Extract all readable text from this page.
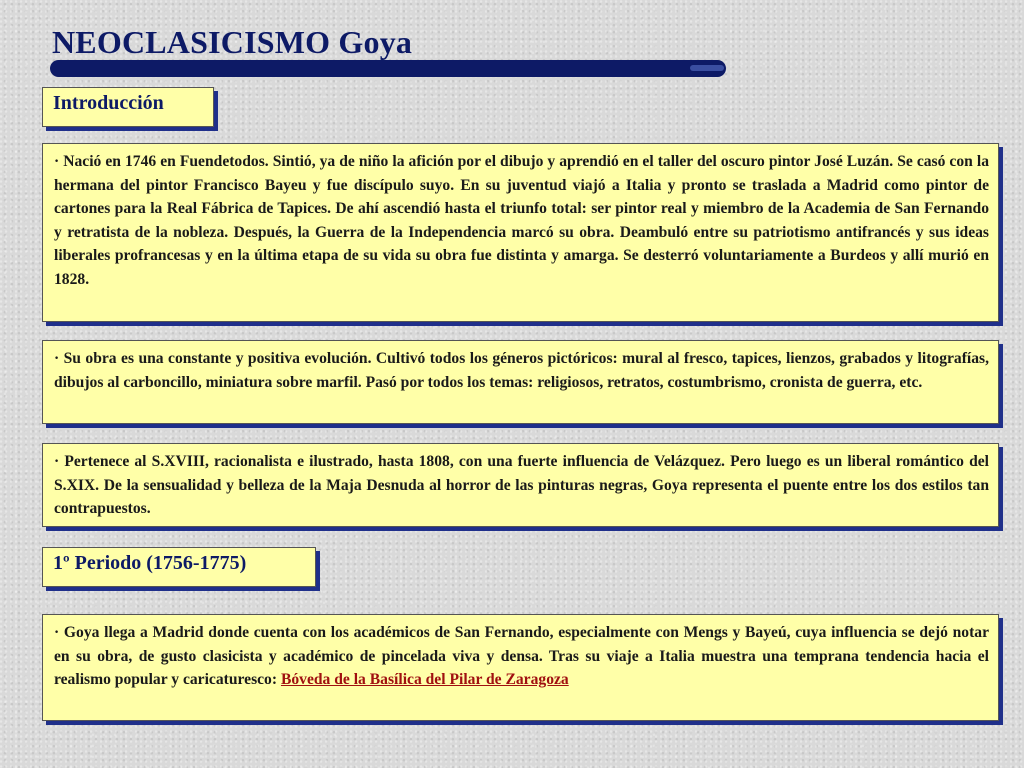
NEOCLASICISMO Goya
Introducción
· Nació en 1746 en Fuendetodos. Sintió, ya de niño la afición por el dibujo y aprendió en el taller del oscuro pintor José Luzán. Se casó con la hermana del pintor Francisco Bayeu y fue discípulo suyo. En su juventud viajó a Italia y pronto se traslada a Madrid como pintor de cartones para la Real Fábrica de Tapices. De ahí ascendió hasta el triunfo total: ser pintor real y miembro de la Academia de San Fernando y retratista de la nobleza. Después, la Guerra de la Independencia marcó su obra. Deambuló entre su patriotismo antifrancés y sus ideas liberales profrancesas y en la última etapa de su vida su obra fue distinta y amarga. Se desterró voluntariamente a Burdeos y allí murió en 1828.
· Su obra es una constante y positiva evolución. Cultivó todos los géneros pictóricos: mural al fresco, tapices, lienzos, grabados y litografías, dibujos al carboncillo, miniatura sobre marfil. Pasó por todos los temas: religiosos, retratos, costumbrismo, cronista de guerra, etc.
· Pertenece al S.XVIII, racionalista e ilustrado, hasta 1808, con una fuerte influencia de Velázquez. Pero luego es un liberal romántico del S.XIX. De la sensualidad y belleza de la Maja Desnuda al horror de las pinturas negras, Goya representa el puente entre los dos estilos tan contrapuestos.
1º Periodo (1756-1775)
· Goya llega a Madrid donde cuenta con los académicos de San Fernando, especialmente con Mengs y Bayeú, cuya influencia se dejó notar en su obra, de gusto clasicista y académico de pincelada viva y densa. Tras su viaje a Italia muestra una temprana tendencia hacia el realismo popular y caricaturesco: Bóveda de la Basílica del Pilar de Zaragoza
